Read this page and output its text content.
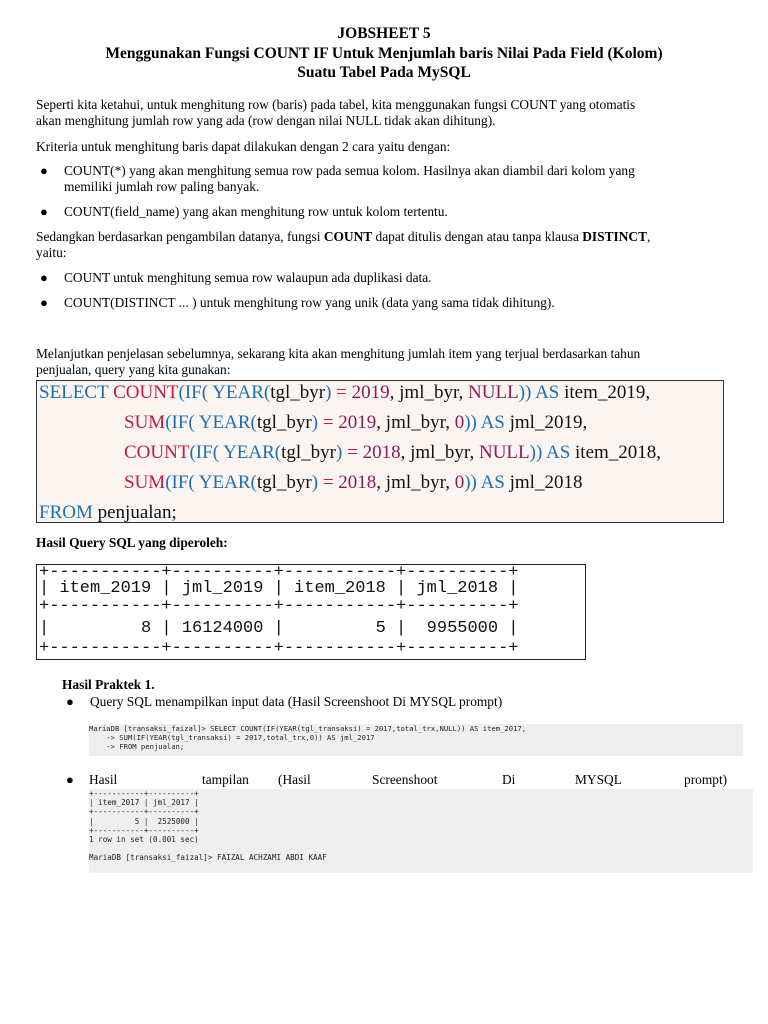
JOBSHEET 5
Menggunakan Fungsi COUNT IF Untuk Menjumlah baris Nilai Pada Field (Kolom)
Suatu Tabel Pada MySQL
Seperti kita ketahui, untuk menghitung row (baris) pada tabel, kita menggunakan fungsi COUNT yang otomatis
akan menghitung jumlah row yang ada (row dengan nilai NULL tidak akan dihitung).
Kriteria untuk menghitung baris dapat dilakukan dengan 2 cara yaitu dengan:
● COUNT(*) yang akan menghitung semua row pada semua kolom. Hasilnya akan diambil dari kolom yang
memiliki jumlah row paling banyak.
● COUNT(field_name) yang akan menghitung row untuk kolom tertentu.
Sedangkan berdasarkan pengambilan datanya, fungsi COUNT dapat ditulis dengan atau tanpa klausa DISTINCT,
yaitu:
● COUNT untuk menghitung semua row walaupun ada duplikasi data.
● COUNT(DISTINCT ... ) untuk menghitung row yang unik (data yang sama tidak dihitung).
Melanjutkan penjelasan sebelumnya, sekarang kita akan menghitung jumlah item yang terjual berdasarkan tahun
penjualan, query yang kita gunakan:
SELECT COUNT(IF( YEAR(tgl_byr) = 2019, jml_byr, NULL)) AS item_2019,
SUM(IF( YEAR(tgl_byr) = 2019, jml_byr, 0)) AS jml_2019,
COUNT(IF( YEAR(tgl_byr) = 2018, jml_byr, NULL)) AS item_2018,
SUM(IF( YEAR(tgl_byr) = 2018, jml_byr, 0)) AS jml_2018
FROM penjualan;
Hasil Query SQL yang diperoleh:
+-----------+----------+-----------+----------+
| item_2019 | jml_2019 | item_2018 | jml_2018 |
+-----------+----------+-----------+----------+
|         8 | 16124000 |         5 |  9955000 |
+-----------+----------+-----------+----------+
Hasil Praktek 1.
● Query SQL menampilkan input data (Hasil Screenshoot Di MYSQL prompt)
MariaDB [transaksi_faizal]> SELECT COUNT(IF(YEAR(tgl_transaksi) = 2017,total_trx,NULL)) AS item_2017,
-> SUM(IF(YEAR(tgl_transaksi) = 2017,total_trx,0)) AS jml_2017
-> FROM penjualan;
● Hasil	tampilan (Hasil	Screenshoot	Di	MYSQL	prompt)
+-----------+----------+
| item_2017 | jml_2017 |
+-----------+----------+
|         5 |  2525000 |
+-----------+----------+
1 row in set (0.001 sec)
MariaDB [transaksi_faizal]> FAIZAL ACHZAMI ABDI KAAF
